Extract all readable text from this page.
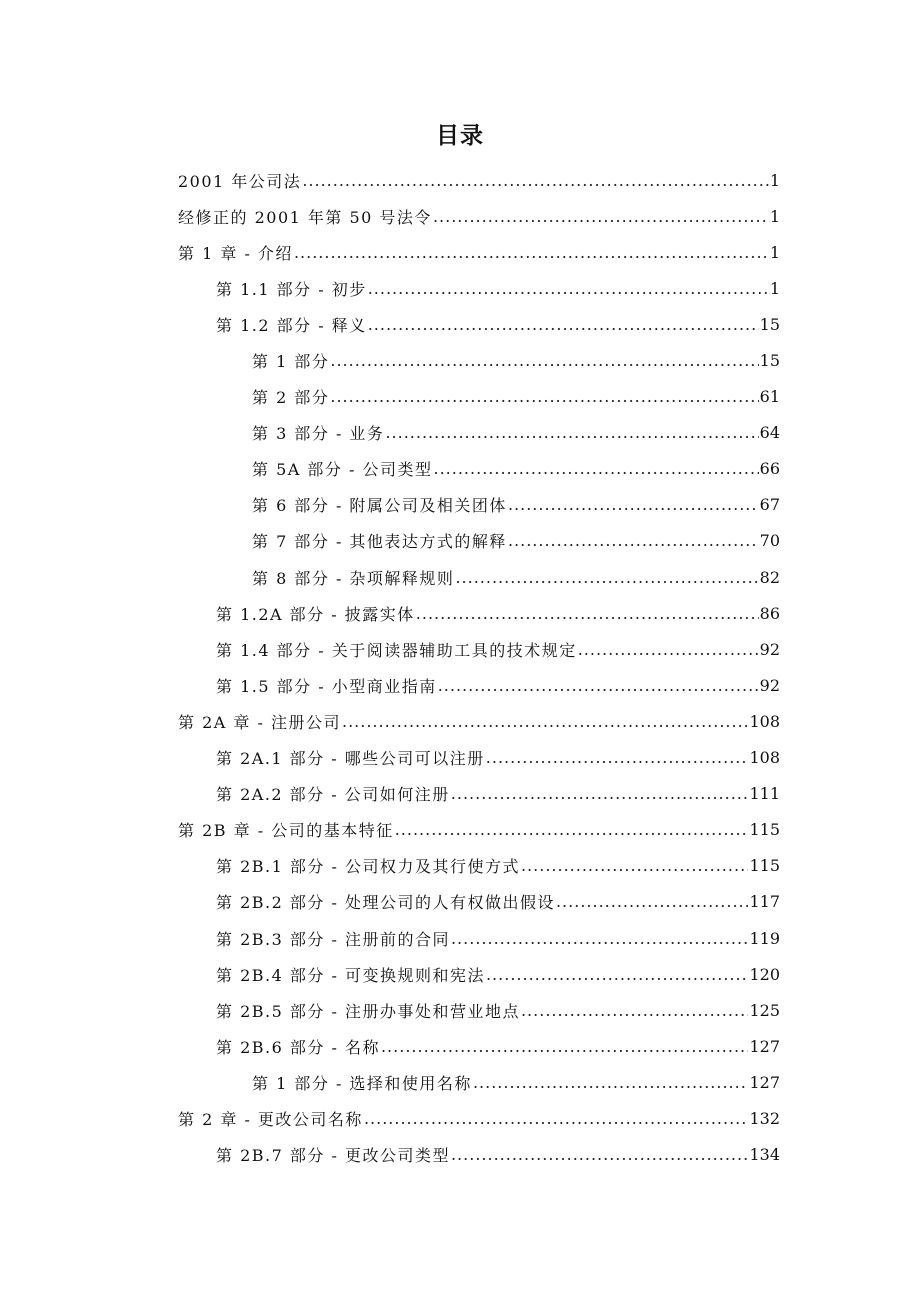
目录
2001 年公司法 .....	1
经修正的 2001 年第 50 号法令 .....	1
第 1 章 - 介绍 .....	1
第 1.1 部分 - 初步 .....	1
第 1.2 部分 - 释义 .....	15
第 1 部分 .....	15
第 2 部分 .....	61
第 3 部分 - 业务 .....	64
第 5A 部分 - 公司类型 .....	66
第 6 部分 - 附属公司及相关团体 .....	67
第 7 部分 - 其他表达方式的解释 .....	70
第 8 部分 - 杂项解释规则 .....	82
第 1.2A 部分 - 披露实体 .....	86
第 1.4 部分 - 关于阅读器辅助工具的技术规定 .....	92
第 1.5 部分 - 小型商业指南 .....	92
第 2A 章 - 注册公司 .....	108
第 2A.1 部分 - 哪些公司可以注册 .....	108
第 2A.2 部分 - 公司如何注册 .....	111
第 2B 章 - 公司的基本特征 .....	115
第 2B.1 部分 - 公司权力及其行使方式 .....	115
第 2B.2 部分 - 处理公司的人有权做出假设 .....	117
第 2B.3 部分 - 注册前的合同 .....	119
第 2B.4 部分 - 可变换规则和宪法 .....	120
第 2B.5 部分 - 注册办事处和营业地点 .....	125
第 2B.6 部分 - 名称 .....	127
第 1 部分 - 选择和使用名称 .....	127
第 2 章 - 更改公司名称 .....	132
第 2B.7 部分 - 更改公司类型 .....	134
